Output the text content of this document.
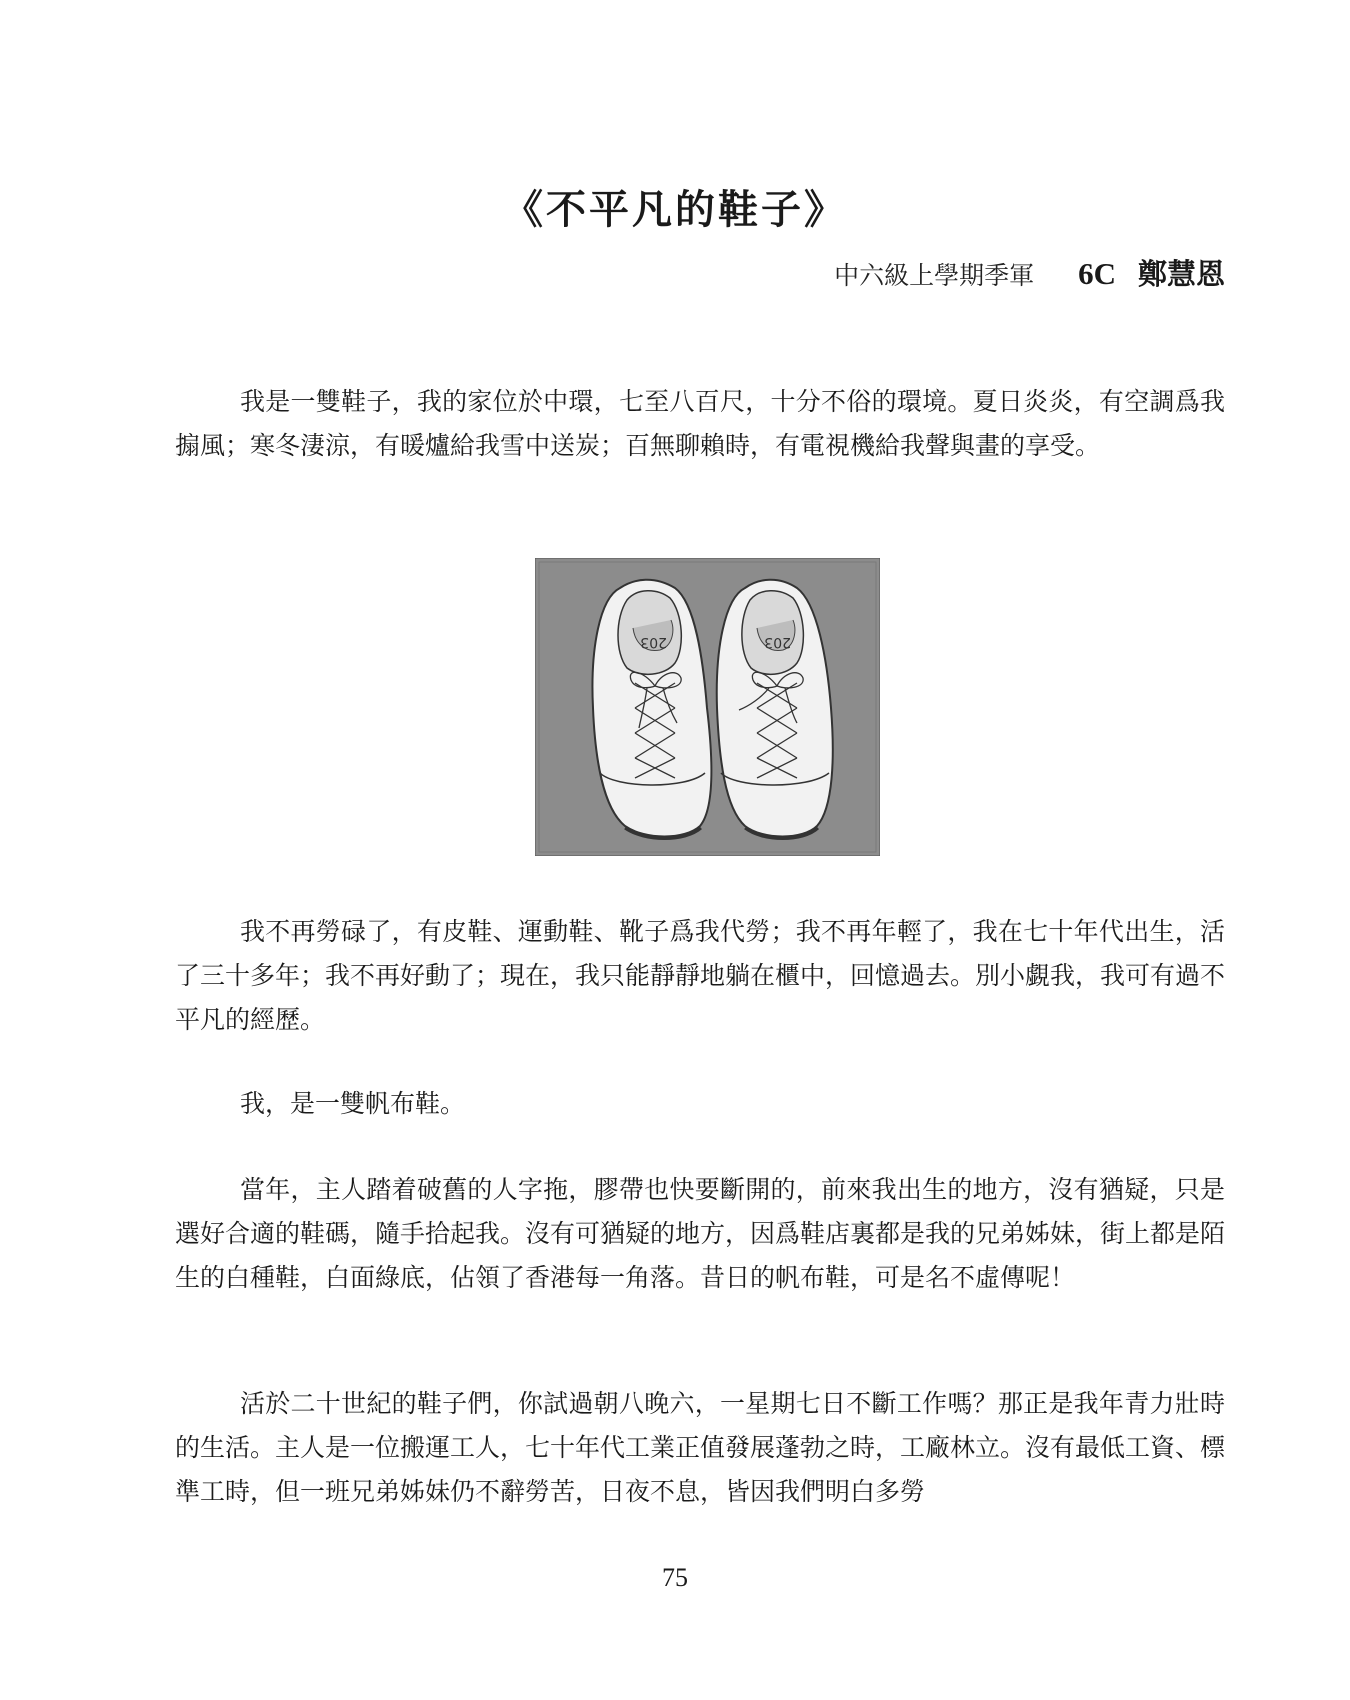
《不平凡的鞋子》
中六級上學期季軍 6C 鄭慧恩

我是一雙鞋子，我的家位於中環，七至八百尺，十分不俗的環境。夏日炎炎，有空調爲我搧風；寒冬淒涼，有暖爐給我雪中送炭；百無聊賴時，有電視機給我聲與畫的享受。

203	203

我不再勞碌了，有皮鞋、運動鞋、靴子爲我代勞；我不再年輕了，我在七十年代出生，活了三十多年；我不再好動了；現在，我只能靜靜地躺在櫃中，回憶過去。別小覷我，我可有過不平凡的經歷。

我，是一雙帆布鞋。

當年，主人踏着破舊的人字拖，膠帶也快要斷開的，前來我出生的地方，沒有猶疑，只是選好合適的鞋碼，隨手拾起我。沒有可猶疑的地方，因爲鞋店裏都是我的兄弟姊妹，街上都是陌生的白種鞋，白面綠底，佔領了香港每一角落。昔日的帆布鞋，可是名不虛傳呢！

活於二十世紀的鞋子們，你試過朝八晚六，一星期七日不斷工作嗎？那正是我年青力壯時的生活。主人是一位搬運工人，七十年代工業正值發展蓬勃之時，工廠林立。沒有最低工資、標準工時，但一班兄弟姊妹仍不辭勞苦，日夜不息，皆因我們明白多勞

75
